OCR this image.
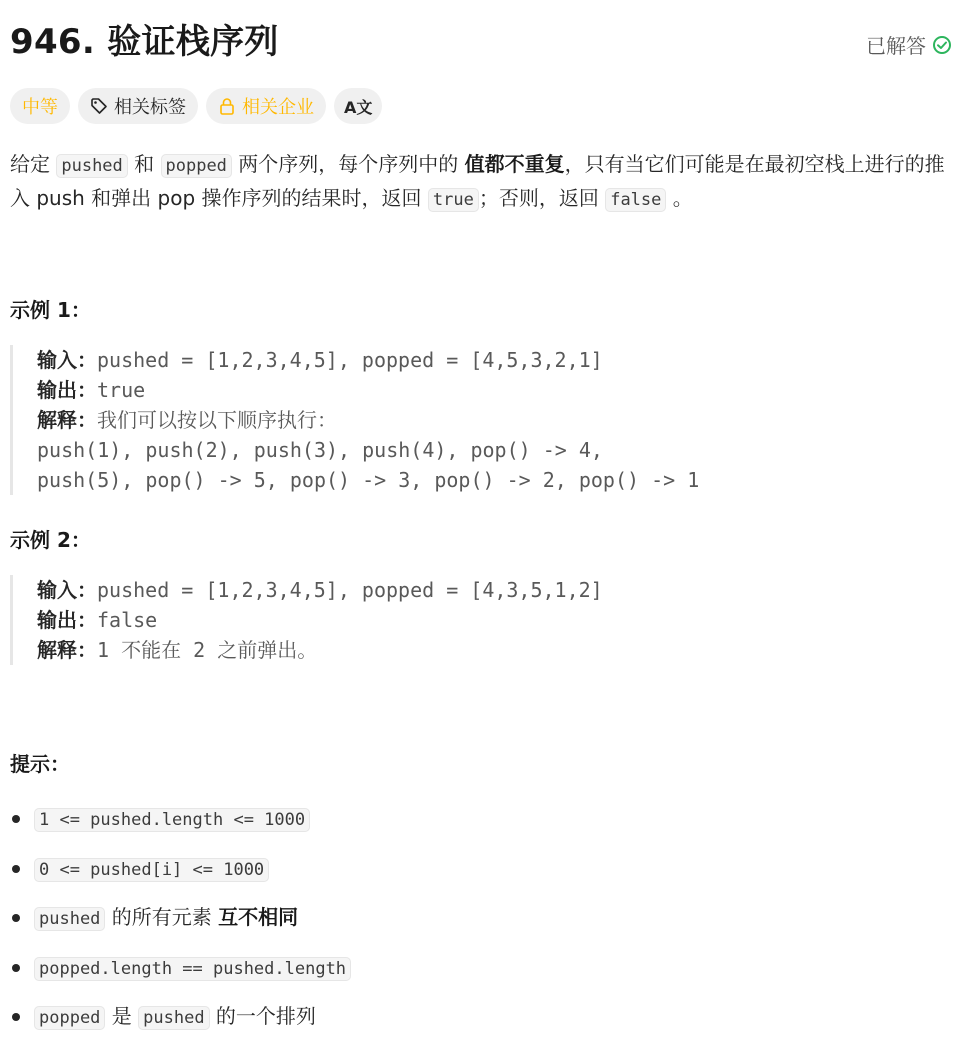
946. 验证栈序列	已解答
中等	相关标签	相关企业 A文
给定 pushed 和 popped 两个序列，每个序列中的 值都不重复，只有当它们可能是在最初空栈上进行的推入 push 和弹出 pop 操作序列的结果时，返回 true ；否则，返回 false 。
示例 1：
输入：pushed = [1,2,3,4,5], popped = [4,5,3,2,1]
输出：true
解释：我们可以按以下顺序执行：
push(1), push(2), push(3), push(4), pop() -> 4,
push(5), pop() -> 5, pop() -> 3, pop() -> 2, pop() -> 1
示例 2：
输入：pushed = [1,2,3,4,5], popped = [4,3,5,1,2]
输出：false
解释：1 不能在 2 之前弹出。
提示：
1 <= pushed.length <= 1000
0 <= pushed[i] <= 1000
pushed 的所有元素 互不相同
popped.length == pushed.length
popped 是 pushed 的一个排列
